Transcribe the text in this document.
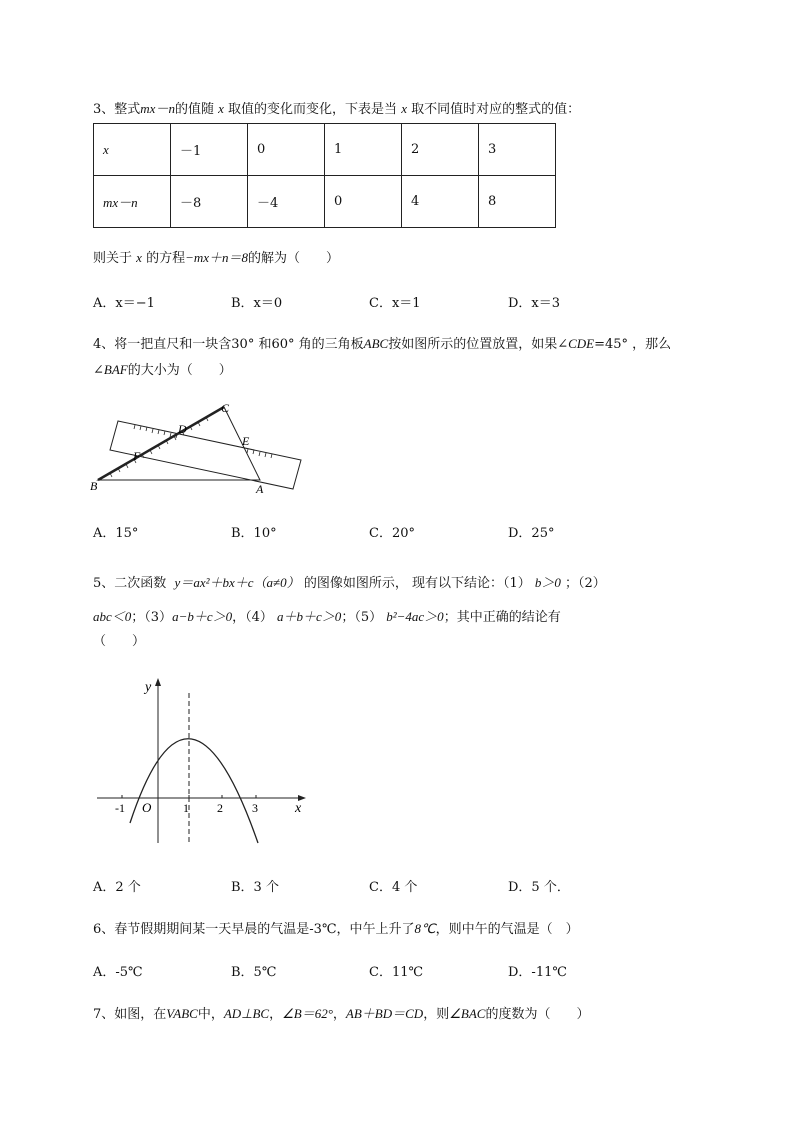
3、整式mx－n的值随 x 取值的变化而变化，下表是当 x 取不同值时对应的整式的值：
x	－1	0	1	2	3
mx－n	－8	－4	0	4	8
则关于 x 的方程−mx＋n＝8的解为（　　）
A．x＝−1	B．x＝0	C．x＝1	D．x＝3
4、将一把直尺和一块含30° 和60° 角的三角板ABC按如图所示的位置放置，如果∠CDE=45° ，那么
∠BAF的大小为（　　）
C
D
E
F
B	A
A．15°	B．10°	C．20°	D．25°
5、二次函数 y＝ax²＋bx＋c（a≠0） 的图像如图所示， 现有以下结论：（1） b＞0 ；（2）
abc＜0；（3）a−b＋c＞0，（4） a＋b＋c＞0；（5） b²−4ac＞0；其中正确的结论有
（　　）
y
x
O
-1	1 2 3
A．2 个	B．3 个	C．4 个	D．5 个．
6、春节假期期间某一天早晨的气温是-3℃，中午上升了8℃，则中午的气温是（　）
A．-5℃	B．5℃	C．11℃	D．-11℃
7、如图，在VABC中，AD⊥BC，∠B＝62°，AB＋BD＝CD，则∠BAC的度数为（　　）
